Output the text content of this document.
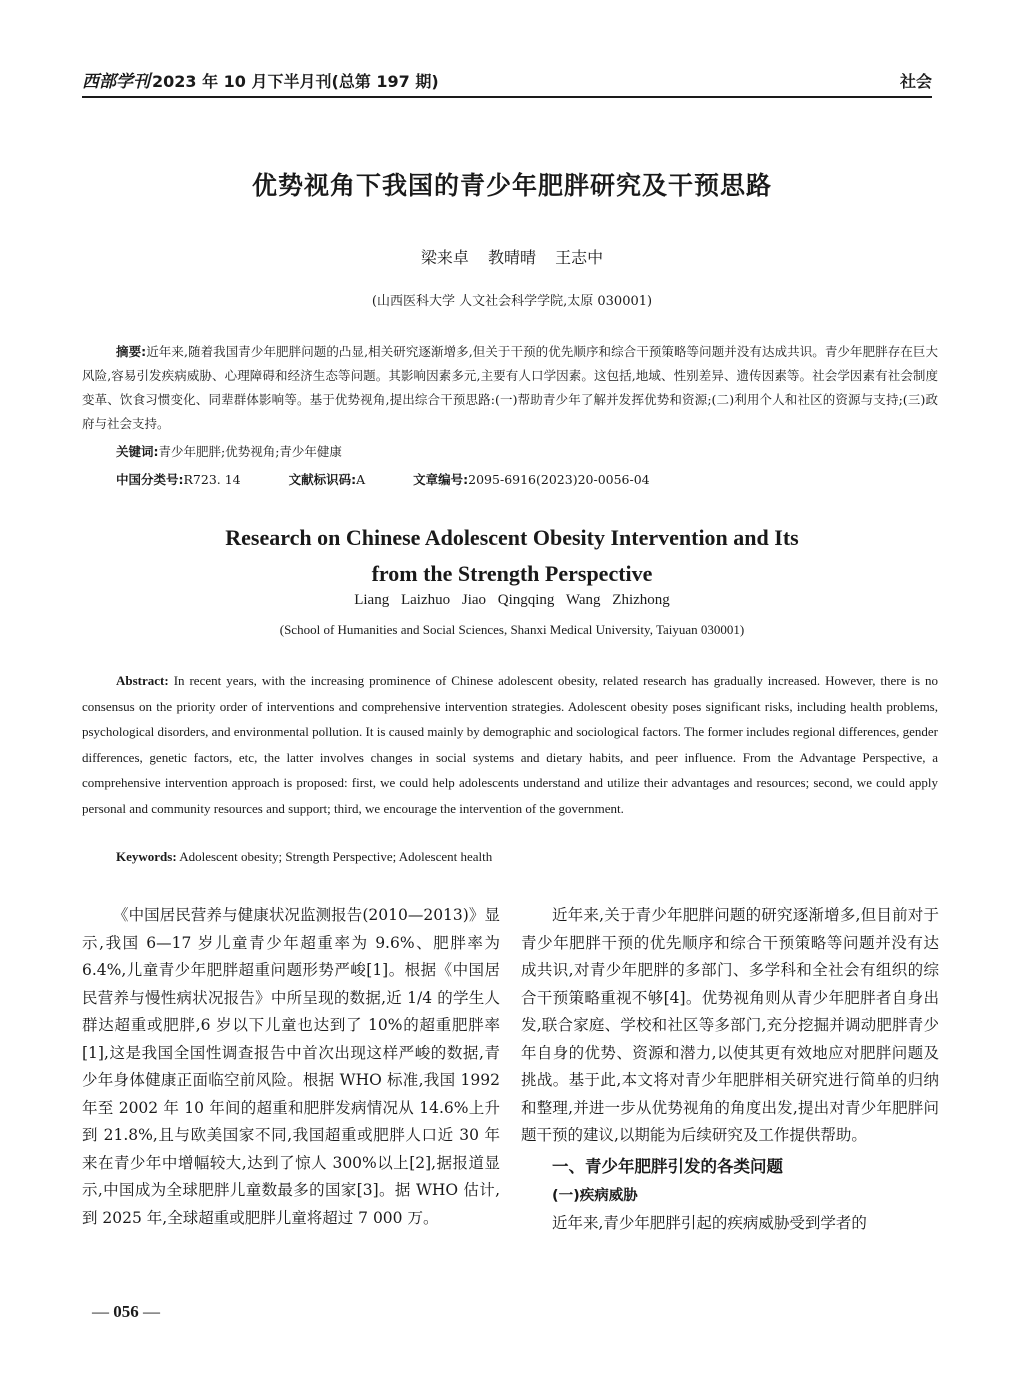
西部学刊 2023 年 10 月下半月刊(总第 197 期)	社会
优势视角下我国的青少年肥胖研究及干预思路
梁来卓 教晴晴 王志中
(山西医科大学 人文社会科学学院,太原 030001)

摘要:近年来,随着我国青少年肥胖问题的凸显,相关研究逐渐增多,但关于干预的优先顺序和综合干预策略等问题并没有达成共识。青少年肥胖存在巨大风险,容易引发疾病威胁、心理障碍和经济生态等问题。其影响因素多元,主要有人口学因素。这包括,地域、性别差异、遗传因素等。社会学因素有社会制度变革、饮食习惯变化、同辈群体影响等。基于优势视角,提出综合干预思路:(一)帮助青少年了解并发挥优势和资源;(二)利用个人和社区的资源与支持;(三)政府与社会支持。

关键词:青少年肥胖;优势视角;青少年健康
中国分类号:R723. 14	文献标识码:A	文章编号:2095-6916(2023)20-0056-04
Research on Chinese Adolescent Obesity Intervention and Its
from the Strength Perspective
Liang Laizhuo Jiao Qingqing Wang Zhizhong
(School of Humanities and Social Sciences, Shanxi Medical University, Taiyuan 030001)

Abstract: In recent years, with the increasing prominence of Chinese adolescent obesity, related research has gradually increased. However, there is no consensus on the priority order of interventions and comprehensive intervention strategies. Adolescent obesity poses significant risks, including health problems, psychological disorders, and environmental pollution. It is caused mainly by demographic and sociological factors. The former includes regional differences, gender differences, genetic factors, etc, the latter involves changes in social systems and dietary habits, and peer influence. From the Advantage Perspective, a comprehensive intervention approach is proposed: first, we could help adolescents understand and utilize their advantages and resources; second, we could apply personal and community resources and support; third, we encourage the intervention of the government.

Keywords: Adolescent obesity; Strength Perspective; Adolescent health

《中国居民营养与健康状况监测报告(2010—2013)》显示,我国 6—17 岁儿童青少年超重率为 9.6%、肥胖率为 6.4%,儿童青少年肥胖超重问题形势严峻[1]。根据《中国居民营养与慢性病状况报告》中所呈现的数据,近 1/4 的学生人群达超重或肥胖,6 岁以下儿童也达到了 10%的超重肥胖率[1],这是我国全国性调查报告中首次出现这样严峻的数据,青少年身体健康正面临空前风险。根据 WHO 标准,我国 1992 年至 2002 年 10 年间的超重和肥胖发病情况从 14.6%上升到 21.8%,且与欧美国家不同,我国超重或肥胖人口近 30 年来在青少年中增幅较大,达到了惊人 300%以上[2],据报道显示,中国成为全球肥胖儿童数最多的国家[3]。据 WHO 估计,到 2025 年,全球超重或肥胖儿童将超过 7 000 万。

近年来,关于青少年肥胖问题的研究逐渐增多,但目前对于青少年肥胖干预的优先顺序和综合干预策略等问题并没有达成共识,对青少年肥胖的多部门、多学科和全社会有组织的综合干预策略重视不够[4]。优势视角则从青少年肥胖者自身出发,联合家庭、学校和社区等多部门,充分挖掘并调动肥胖青少年自身的优势、资源和潜力,以使其更有效地应对肥胖问题及挑战。基于此,本文将对青少年肥胖相关研究进行简单的归纳和整理,并进一步从优势视角的角度出发,提出对青少年肥胖问题干预的建议,以期能为后续研究及工作提供帮助。

一、青少年肥胖引发的各类问题
(一)疾病威胁

近年来,青少年肥胖引起的疾病威胁受到学者的

— 056 —
